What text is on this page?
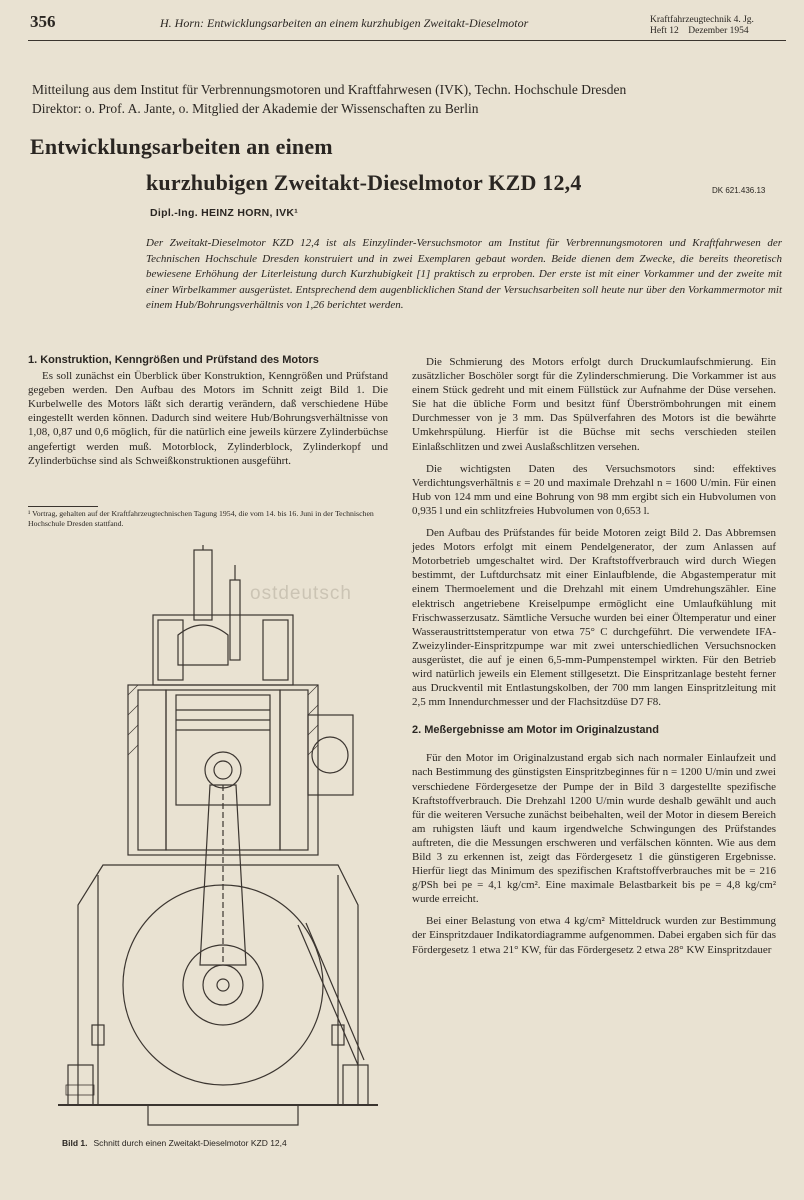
356	H. Horn: Entwicklungsarbeiten an einem kurzhubigen Zweitakt-Dieselmotor	Kraftfahrzeugtechnik 4. Jg.
Heft 12    Dezember 1954
Mitteilung aus dem Institut für Verbrennungsmotoren und Kraftfahrwesen (IVK), Techn. Hochschule Dresden
Direktor: o. Prof. A. Jante, o. Mitglied der Akademie der Wissenschaften zu Berlin
Entwicklungsarbeiten an einem
kurzhubigen Zweitakt-Dieselmotor KZD 12,4	DK 621.436.13
Dipl.-Ing. HEINZ HORN, IVK¹

Der Zweitakt-Dieselmotor KZD 12,4 ist als Einzylinder-Versuchsmotor am Institut für Verbrennungsmotoren und Kraftfahrwesen der Technischen Hochschule Dresden konstruiert und in zwei Exemplaren gebaut worden. Beide dienen dem Zwecke, die bereits theoretisch bewiesene Erhöhung der Literleistung durch Kurzhubigkeit [1] praktisch zu erproben. Der erste ist mit einer Vorkammer und der zweite mit einer Wirbelkammer ausgerüstet. Entsprechend dem augenblicklichen Stand der Versuchsarbeiten soll heute nur über den Vorkammermotor mit einem Hub/Bohrungsverhältnis von 1,26 berichtet werden.

1. Konstruktion, Kenngrößen und Prüfstand des Motors

Es soll zunächst ein Überblick über Konstruktion, Kenngrößen und Prüfstand gegeben werden. Den Aufbau des Motors im Schnitt zeigt Bild 1. Die Kurbelwelle des Motors läßt sich derartig verändern, daß verschiedene Hübe eingestellt werden können. Dadurch sind weitere Hub/Bohrungsverhältnisse von 1,08, 0,87 und 0,6 möglich, für die natürlich eine jeweils kürzere Zylinderbüchse angefertigt werden muß. Motorblock, Zylinderblock, Zylinderkopf und Zylinderbüchse sind als Schweißkonstruktionen ausgeführt.

¹ Vortrag, gehalten auf der Kraftfahrzeugtechnischen Tagung 1954, die vom 14. bis 16. Juni in der Technischen Hochschule Dresden stattfand.
Bild 1. Schnitt durch einen Zweitakt-Dieselmotor KZD 12,4
ostdeutsch

Die Schmierung des Motors erfolgt durch Druckumlaufschmierung. Ein zusätzlicher Boschöler sorgt für die Zylinderschmierung. Die Vorkammer ist aus einem Stück gedreht und mit einem Füllstück zur Aufnahme der Düse versehen. Sie hat die übliche Form und besitzt fünf Überströmbohrungen mit einem Durchmesser von je 3 mm. Das Spülverfahren des Motors ist die bewährte Umkehrspülung. Hierfür ist die Büchse mit sechs verschieden steilen Einlaßschlitzen und zwei Auslaßschlitzen versehen.

Die wichtigsten Daten des Versuchsmotors sind: effektives Verdichtungsverhältnis ε = 20 und maximale Drehzahl n = 1600 U/min. Für einen Hub von 124 mm und eine Bohrung von 98 mm ergibt sich ein Hubvolumen von 0,935 l und ein schlitzfreies Hubvolumen von 0,653 l.

Den Aufbau des Prüfstandes für beide Motoren zeigt Bild 2. Das Abbremsen jedes Motors erfolgt mit einem Pendelgenerator, der zum Anlassen auf Motorbetrieb umgeschaltet wird. Der Kraftstoffverbrauch wird durch Wiegen bestimmt, der Luftdurchsatz mit einer Einlaufblende, die Abgastemperatur mit einem Thermoelement und die Drehzahl mit einem Umdrehungszähler. Eine elektrisch angetriebene Kreiselpumpe ermöglicht eine Umlaufkühlung mit Frischwasserzusatz. Sämtliche Versuche wurden bei einer Öltemperatur und einer Wasseraustrittstemperatur von etwa 75° C durchgeführt. Die verwendete IFA-Zweizylinder-Einspritzpumpe war mit zwei unterschiedlichen Versuchsnocken ausgerüstet, die auf je einen 6,5-mm-Pumpenstempel wirkten. Für den Betrieb wird natürlich jeweils ein Element stillgesetzt. Die Einspritzanlage besteht ferner aus Druckventil mit Entlastungskolben, der 700 mm langen Einspritzleitung mit 2,5 mm Innendurchmesser und der Flachsitzdüse D7 F8.

2. Meßergebnisse am Motor im Originalzustand

Für den Motor im Originalzustand ergab sich nach normaler Einlaufzeit und nach Bestimmung des günstigsten Einspritzbeginnes für n = 1200 U/min und zwei verschiedene Fördergesetze der Pumpe der in Bild 3 dargestellte spezifische Kraftstoffverbrauch. Die Drehzahl 1200 U/min wurde deshalb gewählt und auch für die weiteren Versuche zunächst beibehalten, weil der Motor in diesem Bereich am ruhigsten läuft und kaum irgendwelche Schwingungen des Prüfstandes auftreten, die die Messungen erschweren und verfälschen könnten. Wie aus dem Bild 3 zu erkennen ist, zeigt das Fördergesetz 1 die günstigeren Ergebnisse. Hierfür liegt das Minimum des spezifischen Kraftstoffverbrauches mit be = 216 g/PSh bei pe = 4,1 kg/cm². Eine maximale Belastbarkeit bis pe = 4,8 kg/cm² wurde erreicht.

Bei einer Belastung von etwa 4 kg/cm² Mitteldruck wurden zur Bestimmung der Einspritzdauer Indikatordiagramme aufgenommen. Dabei ergaben sich für das Fördergesetz 1 etwa 21° KW, für das Fördergesetz 2 etwa 28° KW Einspritzdauer
